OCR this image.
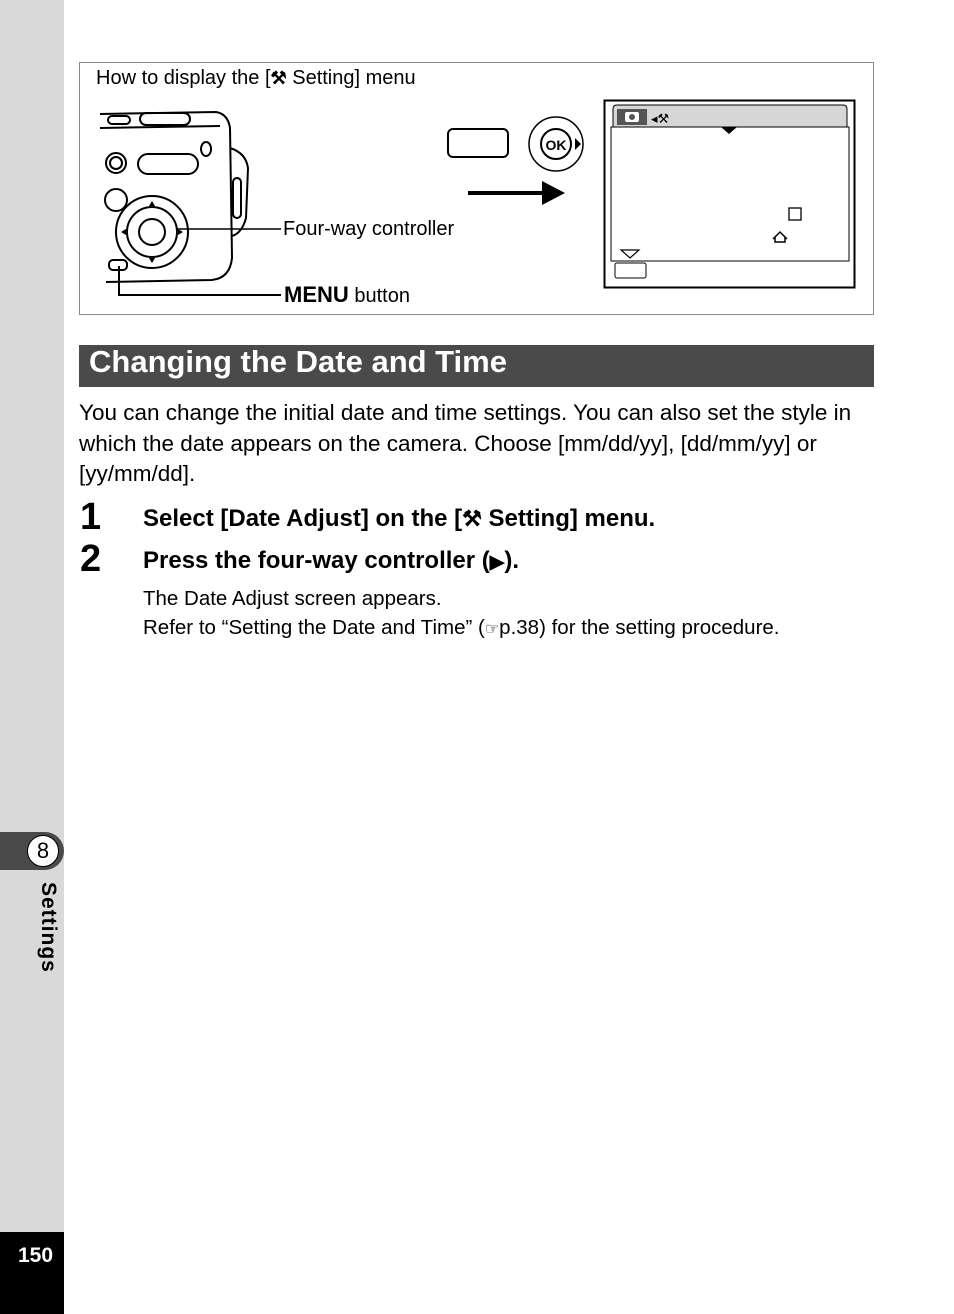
8
Settings
150
How to display the [⚒ Setting] menu
Four-way controller
MENU button
OK
◂⚒
Changing the Date and Time
You can change the initial date and time settings. You can also set the style in which the date appears on the camera. Choose [mm/dd/yy], [dd/mm/yy] or [yy/mm/dd].
1 Select [Date Adjust] on the [⚒ Setting] menu.
2 Press the four-way controller (▶).
The Date Adjust screen appears.
Refer to “Setting the Date and Time” (☞p.38) for the setting procedure.
